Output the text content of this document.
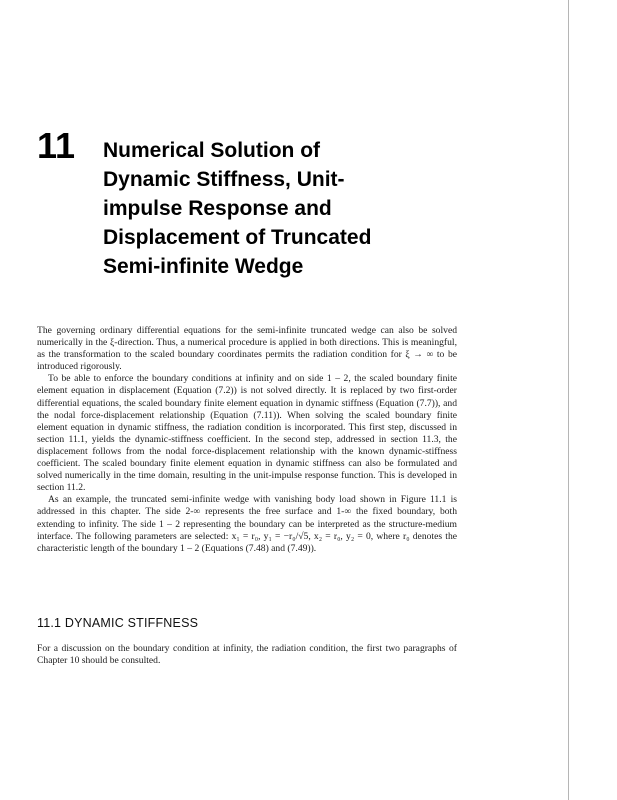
11 Numerical Solution of
Dynamic Stiffness, Unit-
impulse Response and
Displacement of Truncated
Semi-infinite Wedge

The governing ordinary differential equations for the semi-infinite truncated wedge can also be solved numerically in the ξ-direction. Thus, a numerical procedure is applied in both directions. This is meaningful, as the transformation to the scaled boundary coordinates permits the radiation condition for ξ → ∞ to be introduced rigorously.

To be able to enforce the boundary conditions at infinity and on side 1 – 2, the scaled boundary finite element equation in displacement (Equation (7.2)) is not solved directly. It is replaced by two first-order differential equations, the scaled boundary finite element equation in dynamic stiffness (Equation (7.7)), and the nodal force-displacement relationship (Equation (7.11)). When solving the scaled boundary finite element equation in dynamic stiffness, the radiation condition is incorporated. This first step, discussed in section 11.1, yields the dynamic-stiffness coefficient. In the second step, addressed in section 11.3, the displacement follows from the nodal force-displacement relationship with the known dynamic-stiffness coefficient. The scaled boundary finite element equation in dynamic stiffness can also be formulated and solved numerically in the time domain, resulting in the unit-impulse response function. This is developed in section 11.2.

As an example, the truncated semi-infinite wedge with vanishing body load shown in Figure 11.1 is addressed in this chapter. The side 2-∞ represents the free surface and 1-∞ the fixed boundary, both extending to infinity. The side 1 – 2 representing the boundary can be interpreted as the structure-medium interface. The following parameters are selected: x₁ = r₀, y₁ = −r₀/√5, x₂ = r₀, y₂ = 0, where r₀ denotes the characteristic length of the boundary 1 – 2 (Equations (7.48) and (7.49)).

11.1 DYNAMIC STIFFNESS

For a discussion on the boundary condition at infinity, the radiation condition, the first two paragraphs of Chapter 10 should be consulted.
